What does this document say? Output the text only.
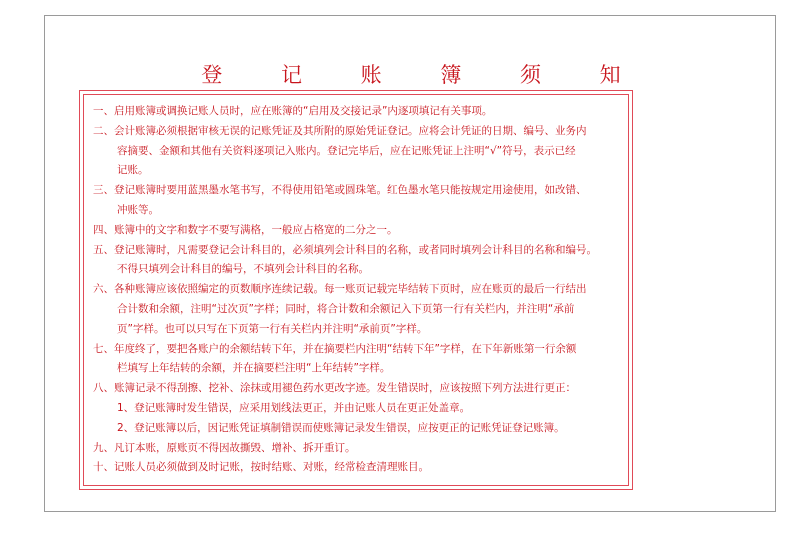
登 记 账 簿 须 知
一、启用账簿或调换记账人员时，应在账簿的“启用及交接记录”内逐项填记有关事项。
二、会计账簿必须根据审核无误的记账凭证及其所附的原始凭证登记。应将会计凭证的日期、编号、业务内
容摘要、金额和其他有关资料逐项记入账内。登记完毕后，应在记账凭证上注明“√”符号，表示已经
记账。
三、登记账簿时要用蓝黑墨水笔书写，不得使用铅笔或圆珠笔。红色墨水笔只能按规定用途使用，如改错、
冲账等。
四、账簿中的文字和数字不要写满格，一般应占格宽的二分之一。
五、登记账簿时，凡需要登记会计科目的，必须填列会计科目的名称，或者同时填列会计科目的名称和编号。
不得只填列会计科目的编号，不填列会计科目的名称。
六、各种账簿应该依照编定的页数顺序连续记载。每一账页记载完毕结转下页时，应在账页的最后一行结出
合计数和余额，注明“过次页”字样；同时，将合计数和余额记入下页第一行有关栏内，并注明“承前
页”字样。也可以只写在下页第一行有关栏内并注明“承前页”字样。
七、年度终了，要把各账户的余额结转下年，并在摘要栏内注明“结转下年”字样，在下年新账第一行余额
栏填写上年结转的余额，并在摘要栏注明“上年结转”字样。
八、账簿记录不得刮擦、挖补、涂抹或用褪色药水更改字迹。发生错误时，应该按照下列方法进行更正：
1、登记账簿时发生错误，应采用划线法更正，并由记账人员在更正处盖章。
2、登记账簿以后，因记账凭证填制错误而使账簿记录发生错误，应按更正的记账凭证登记账簿。
九、凡订本账，原账页不得因故撕毁、增补、拆开重订。
十、记账人员必须做到及时记账，按时结账、对账，经常检查清理账目。
